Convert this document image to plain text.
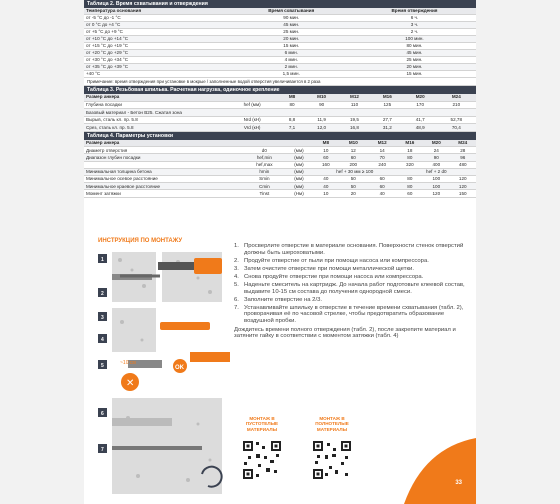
Таблица 2. Время схватывания и отверждения
Температура основания	Время схватывания	Время отверждения
от -5 °C до -1 °C	90 мин.	6 ч.
от 0 °C до +4 °C	45 мин.	3 ч.
от +5 °C до +9 °C	25 мин.	2 ч.
от +10 °C до +14 °C	20 мин.	100 мин.
от +15 °C до +19 °C	15 мин.	80 мин.
от +20 °C до +29 °C	6 мин.	45 мин.
от +30 °C до +34 °C	4 мин.	25 мин.
от +35 °C до +39 °C	2 мин.	20 мин.
+40 °C	1,5 мин.	15 мин.
Примечание: время отверждения при установке в мокрые / заполненные водой отверстия увеличивается в 2 раза
Таблица 3. Резьбовая шпилька. Расчетная нагрузка, одиночное крепление
Размер анкера		M8	M10	M12	M16	M20	M24
Глубина посадки	hef (мм)	80	90	110	125	170	210
Базовый материал - Бетон B25. Сжатая зона							
Вырыв, сталь кл. пр. 5.8	Nrd (кН)	8,8	11,9	19,5	27,7	41,7	52,78
Срез, сталь кл. пр. 5.8	Vrd (кН)	7,1	12,0	16,8	31,2	48,9	70,4
Таблица 4. Параметры установки
Размер анкера			M8	M10	M12	M16	M20	M24
Диаметр отверстия	d0	(мм)	10	12	14	18	24	28
Диапазон глубин посадки	hef,min	(мм)	60	60	70	80	90	96
	hef,max	(мм)	160	200	240	320	400	480
Минимальная толщина бетона	hmin	(мм)	hef + 30 мм ≥ 100			hef + 2 d0		
Минимальное осевое расстояние	Smin	(мм)	40	50	60	80	100	120
Минимальное краевое расстояние	Cmin	(мм)	40	50	60	80	100	120
Момент затяжки	Tinst	(Нм)	10	20	40	60	120	150
ИНСТРУКЦИЯ ПО МОНТАЖУ
✕
OK
~10 см
1
2
3
4
5
6
7
1. Просверлите отверстие в материале основания. Поверхности стенок отверстий должны быть шероховатыми.
2. Продуйте отверстие от пыли при помощи насоса или компрессора.
3. Затем очистите отверстие при помощи металлической щетки.
4. Снова продуйте отверстие при помощи насоса или компрессора.
5. Наденьте смеситель на картридж. До начала работ подготовьте клеевой состав, выдавите 10-15 см состава до получения однородной смеси.
6. Заполните отверстие на 2/3.
7. Устанавливайте шпильку в отверстие в течение времени схватывания (табл. 2), проворачивая её по часовой стрелке, чтобы предотвратить образование воздушной пробки.
Дождитесь времени полного отверждения (табл. 2), после закрепите материал и затяните гайку в соответствии с моментом затяжки (табл. 4)
МОНТАЖ В ПУСТОТЕЛЫЕ МАТЕРИАЛЫ
МОНТАЖ В ПОЛНОТЕЛЫЕ МАТЕРИАЛЫ
33
